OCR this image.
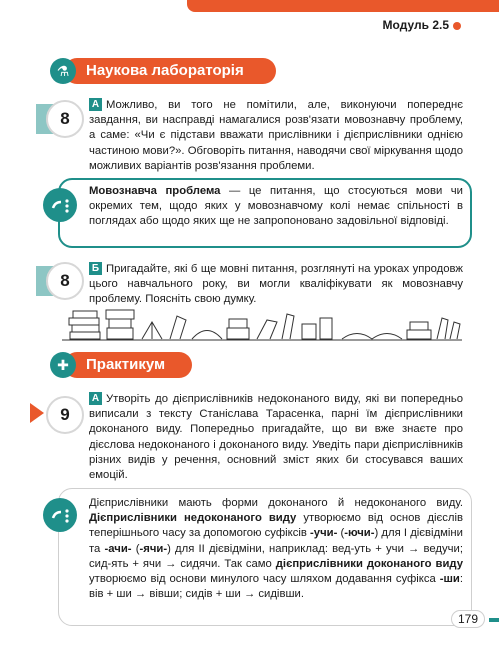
Модуль 2.5
Наукова лабораторія
⚗
8
А Можливо, ви того не помітили, але, виконуючи попереднє завдання, ви насправді намагалися розв'язати мовознавчу проблему, а саме: «Чи є підстави вважати прислівники і дієприслівники однією частиною мови?». Обговоріть питання, наводячи свої міркування щодо можливих варіантів розв'язання проблеми.
Мовознавча проблема — це питання, що стосуються мови чи окремих тем, щодо яких у мовознавчому колі немає спільності в поглядах або щодо яких ще не запропоновано задовільної відповіді.
8
Б Пригадайте, які б ще мовні питання, розглянуті на уроках упродовж цього навчального року, ви могли кваліфікувати як мовознавчу проблему. Поясніть свою думку.
Практикум
✚
9
А Утворіть до дієприслівників недоконаного виду, які ви попередньо виписали з тексту Станіслава Тарасенка, парні їм дієприслівники доконаного виду. Попередньо пригадайте, що ви вже знаєте про дієслова недоконаного і доконаного виду. Уведіть пари дієприслівників різних видів у речення, основний зміст яких би стосувався ваших емоцій.
Дієприслівники мають форми доконаного й недоконаного виду. Дієприслівники недоконаного виду утворюємо від основ дієслів теперішнього часу за допомогою суфіксів -учи- (-ючи-) для І дієвідміни та -ачи- (-ячи-) для ІІ дієвідміни, наприклад: вед-уть + учи → ведучи; сид-ять + ячи → сидячи. Так само дієприслівники доконаного виду утворюємо від основи минулого часу шляхом додавання суфікса -ши: вів + ши → вівши; сидів + ши → сидівши.
179
